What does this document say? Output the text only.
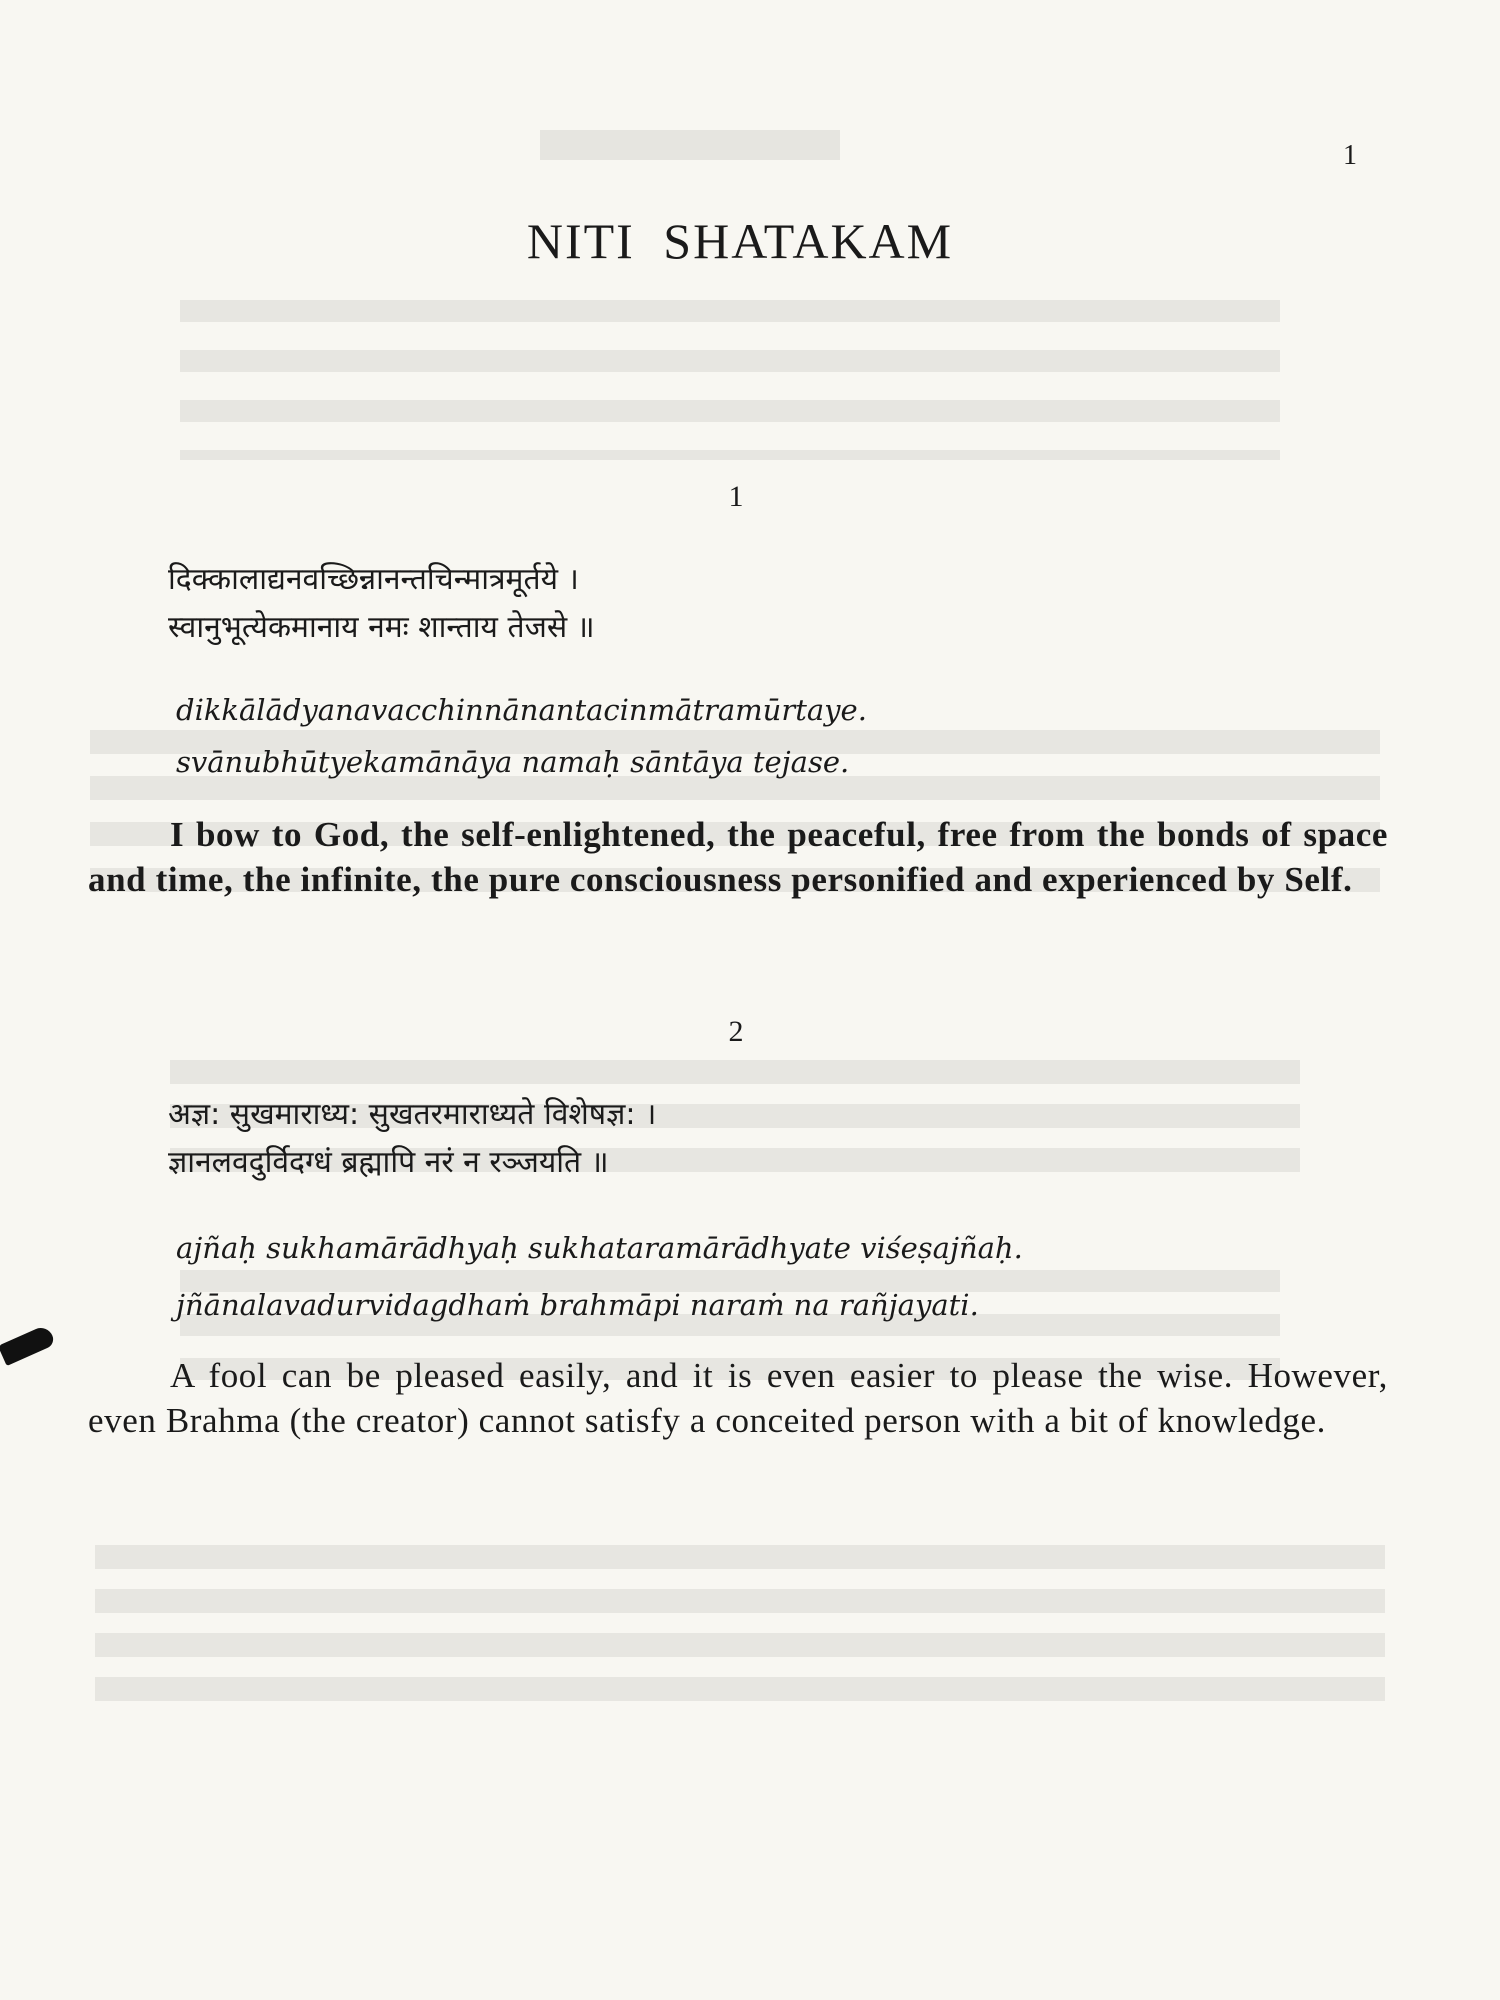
1
NITI SHATAKAM
1
दिक्कालाद्यनवच्छिन्नानन्तचिन्मात्रमूर्तये ।
स्वानुभूत्येकमानाय नमः शान्ताय तेजसे ॥
dikkālādyanavacchinnānantacinmātramūrtaye.
svānubhūtyekamānāya namaḥ sāntāya tejase.
I bow to God, the self-enlightened, the peaceful, free from the bonds of space and time, the infinite, the pure consciousness personified and experienced by Self.
2
अज्ञ: सुखमाराध्य: सुखतरमाराध्यते विशेषज्ञ: ।
ज्ञानलवदुर्विदग्धं ब्रह्मापि नरं न रञ्जयति ॥
ajñaḥ sukhamārādhyaḥ sukhataramārādhyate viśeṣajñaḥ.
jñānalavadurvidagdhaṁ brahmāpi naraṁ na rañjayati.
A fool can be pleased easily, and it is even easier to please the wise. However, even Brahma (the creator) cannot satisfy a conceited person with a bit of knowledge.
